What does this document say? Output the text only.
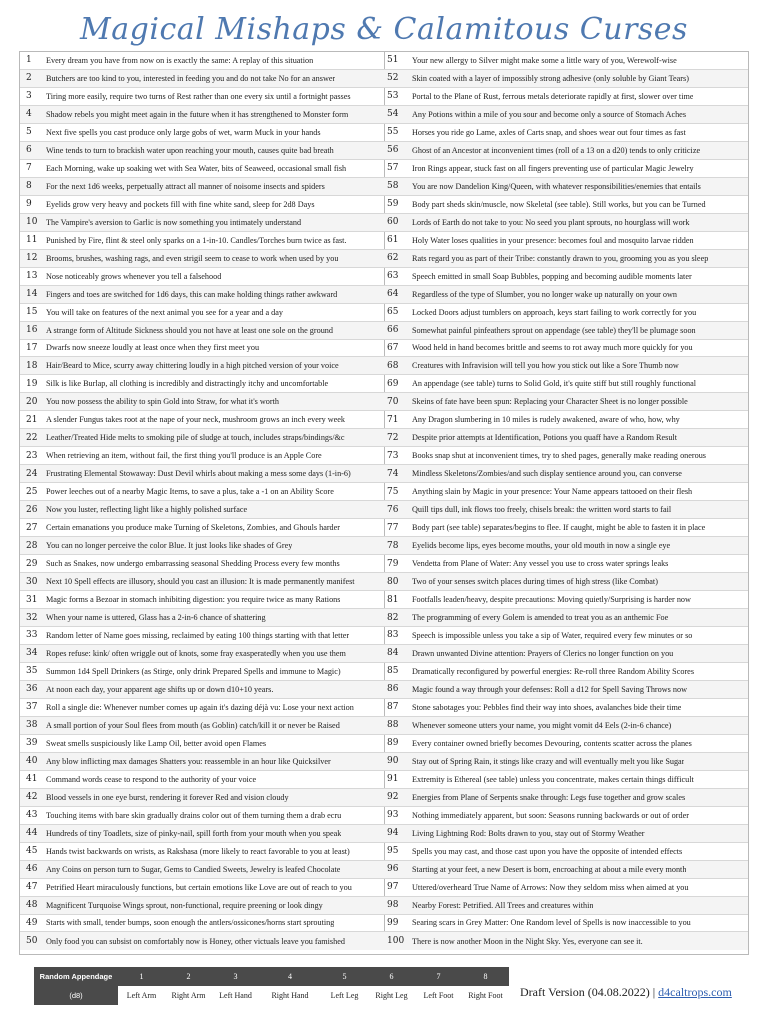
Magical Mishaps & Calamitous Curses
1	Every dream you have from now on is exactly the same: A replay of this situation
2	Butchers are too kind to you, interested in feeding you and do not take No for an answer
3	Tiring more easily, require two turns of Rest rather than one every six until a fortnight passes
4	Shadow rebels you might meet again in the future when it has strengthened to Monster form
5	Next five spells you cast produce only large gobs of wet, warm Muck in your hands
6	Wine tends to turn to brackish water upon reaching your mouth, causes quite bad breath
7	Each Morning, wake up soaking wet with Sea Water, bits of Seaweed, occasional small fish
8	For the next 1d6 weeks, perpetually attract all manner of noisome insects and spiders
9	Eyelids grow very heavy and pockets fill with fine white sand, sleep for 2d8 Days
10	The Vampire's aversion to Garlic is now something you intimately understand
11	Punished by Fire, flint & steel only sparks on a 1-in-10. Candles/Torches burn twice as fast.
12	Brooms, brushes, washing rags, and even strigil seem to cease to work when used by you
13	Nose noticeably grows whenever you tell a falsehood
14	Fingers and toes are switched for 1d6 days, this can make holding things rather awkward
15	You will take on features of the next animal you see for a year and a day
16	A strange form of Altitude Sickness should you not have at least one sole on the ground
17	Dwarfs now sneeze loudly at least once when they first meet you
18	Hair/Beard to Mice, scurry away chittering loudly in a high pitched version of your voice
19	Silk is like Burlap, all clothing is incredibly and distractingly itchy and uncomfortable
20	You now possess the ability to spin Gold into Straw, for what it's worth
21	A slender Fungus takes root at the nape of your neck, mushroom grows an inch every week
22	Leather/Treated Hide melts to smoking pile of sludge at touch, includes straps/bindings/&c
23	When retrieving an item, without fail, the first thing you'll produce is an Apple Core
24	Frustrating Elemental Stowaway: Dust Devil whirls about making a mess some days (1-in-6)
25	Power leeches out of a nearby Magic Items, to save a plus, take a -1 on an Ability Score
26	Now you luster, reflecting light like a highly polished surface
27	Certain emanations you produce make Turning of Skeletons, Zombies, and Ghouls harder
28	You can no longer perceive the color Blue. It just looks like shades of Grey
29	Such as Snakes, now undergo embarrassing seasonal Shedding Process every few months
30	Next 10 Spell effects are illusory, should you cast an illusion: It is made permanently manifest
31	Magic forms a Bezoar in stomach inhibiting digestion: you require twice as many Rations
32	When your name is uttered, Glass has a 2-in-6 chance of shattering
33	Random letter of Name goes missing, reclaimed by eating 100 things starting with that letter
34	Ropes refuse: kink/ often wriggle out of knots, some fray exasperatedly when you use them
35	Summon 1d4 Spell Drinkers (as Stirge, only drink Prepared Spells and immune to Magic)
36	At noon each day, your apparent age shifts up or down d10+10 years.
37	Roll a single die: Whenever number comes up again it's dazing déjà vu: Lose your next action
38	A small portion of your Soul flees from mouth (as Goblin) catch/kill it or never be Raised
39	Sweat smells suspiciously like Lamp Oil, better avoid open Flames
40	Any blow inflicting max damages Shatters you: reassemble in an hour like Quicksilver
41	Command words cease to respond to the authority of your voice
42	Blood vessels in one eye burst, rendering it forever Red and vision cloudy
43	Touching items with bare skin gradually drains color out of them turning them a drab ecru
44	Hundreds of tiny Toadlets, size of pinky-nail, spill forth from your mouth when you speak
45	Hands twist backwards on wrists, as Rakshasa (more likely to react favorable to you at least)
46	Any Coins on person turn to Sugar, Gems to Candied Sweets, Jewelry is leafed Chocolate
47	Petrified Heart miraculously functions, but certain emotions like Love are out of reach to you
48	Magnificent Turquoise Wings sprout, non-functional, require preening or look dingy
49	Starts with small, tender bumps, soon enough the antlers/ossicones/horns start sprouting
50	Only food you can subsist on comfortably now is Honey, other victuals leave you famished
51	Your new allergy to Silver might make some a little wary of you, Werewolf-wise
52	Skin coated with a layer of impossibly strong adhesive (only soluble by Giant Tears)
53	Portal to the Plane of Rust, ferrous metals deteriorate rapidly at first, slower over time
54	Any Potions within a mile of you sour and become only a source of Stomach Aches
55	Horses you ride go Lame, axles of Carts snap, and shoes wear out four times as fast
56	Ghost of an Ancestor at inconvenient times (roll of a 13 on a d20) tends to only criticize
57	Iron Rings appear, stuck fast on all fingers preventing use of particular Magic Jewelry
58	You are now Dandelion King/Queen, with whatever responsibilities/enemies that entails
59	Body part sheds skin/muscle, now Skeletal (see table). Still works, but you can be Turned
60	Lords of Earth do not take to you: No seed you plant sprouts, no hourglass will work
61	Holy Water loses qualities in your presence: becomes foul and mosquito larvae ridden
62	Rats regard you as part of their Tribe: constantly drawn to you, grooming you as you sleep
63	Speech emitted in small Soap Bubbles, popping and becoming audible moments later
64	Regardless of the type of Slumber, you no longer wake up naturally on your own
65	Locked Doors adjust tumblers on approach, keys start failing to work correctly for you
66	Somewhat painful pinfeathers sprout on appendage (see table) they'll be plumage soon
67	Wood held in hand becomes brittle and seems to rot away much more quickly for you
68	Creatures with Infravision will tell you how you stick out like a Sore Thumb now
69	An appendage (see table) turns to Solid Gold, it's quite stiff but still roughly functional
70	Skeins of fate have been spun: Replacing your Character Sheet is no longer possible
71	Any Dragon slumbering in 10 miles is rudely awakened, aware of who, how, why
72	Despite prior attempts at Identification, Potions you quaff have a Random Result
73	Books snap shut at inconvenient times, try to shed pages, generally make reading onerous
74	Mindless Skeletons/Zombies/and such display sentience around you, can converse
75	Anything slain by Magic in your presence: Your Name appears tattooed on their flesh
76	Quill tips dull, ink flows too freely, chisels break: the written word starts to fail
77	Body part (see table) separates/begins to flee. If caught, might be able to fasten it in place
78	Eyelids become lips, eyes become mouths, your old mouth in now a single eye
79	Vendetta from Plane of Water: Any vessel you use to cross water springs leaks
80	Two of your senses switch places during times of high stress (like Combat)
81	Footfalls leaden/heavy, despite precautions: Moving quietly/Surprising is harder now
82	The programming of every Golem is amended to treat you as an anthemic Foe
83	Speech is impossible unless you take a sip of Water, required every few minutes or so
84	Drawn unwanted Divine attention: Prayers of Clerics no longer function on you
85	Dramatically reconfigured by powerful energies: Re-roll three Random Ability Scores
86	Magic found a way through your defenses: Roll a d12 for Spell Saving Throws now
87	Stone sabotages you: Pebbles find their way into shoes, avalanches bide their time
88	Whenever someone utters your name, you might vomit d4 Eels (2-in-6 chance)
89	Every container owned briefly becomes Devouring, contents scatter across the planes
90	Stay out of Spring Rain, it stings like crazy and will eventually melt you like Sugar
91	Extremity is Ethereal (see table) unless you concentrate, makes certain things difficult
92	Energies from Plane of Serpents snake through: Legs fuse together and grow scales
93	Nothing immediately apparent, but soon: Seasons running backwards or out of order
94	Living Lightning Rod: Bolts drawn to you, stay out of Stormy Weather
95	Spells you may cast, and those cast upon you have the opposite of intended effects
96	Starting at your feet, a new Desert is born, encroaching at about a mile every month
97	Uttered/overheard True Name of Arrows: Now they seldom miss when aimed at you
98	Nearby Forest: Petrified. All Trees and creatures within
99	Searing scars in Grey Matter: One Random level of Spells is now inaccessible to you
100 There is now another Moon in the Night Sky. Yes, everyone can see it.
Random Appendage	1	2	3	4	5	6	7	8
(d8)	Left Arm	Right Arm	Left Hand	Right Hand	Left Leg	Right Leg	Left Foot	Right Foot Draft Version (04.08.2022) | d4caltrops.com
